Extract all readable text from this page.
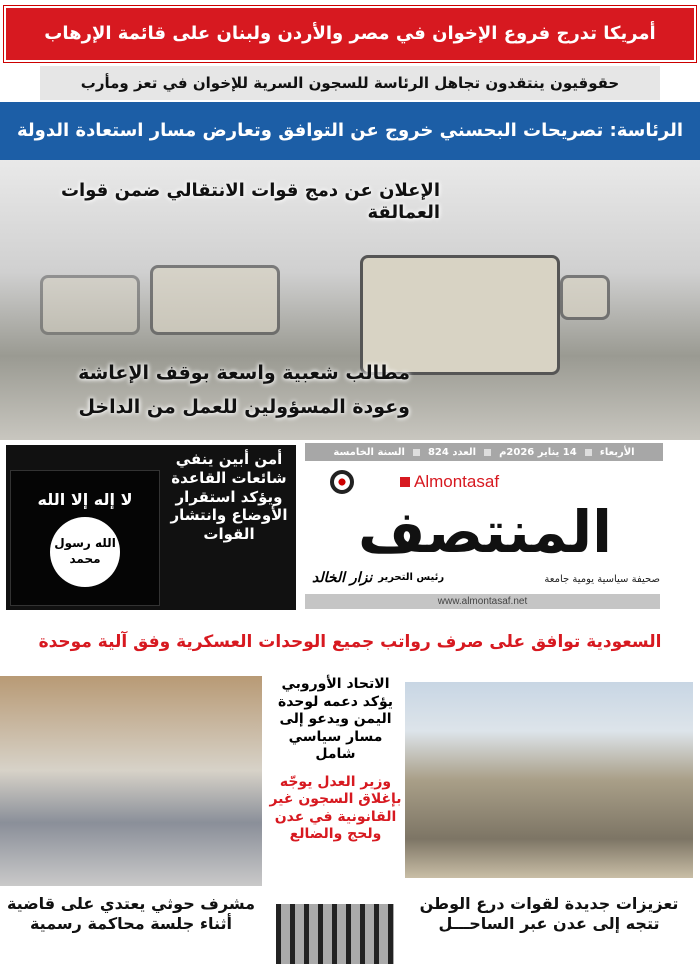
أمريكا تدرج فروع الإخوان في مصر والأردن ولبنان على قائمة الإرهاب
حقوقيون ينتقدون تجاهل الرئاسة للسجون السرية للإخوان في تعز ومأرب
الرئاسة: تصريحات البحسني خروج عن التوافق وتعارض مسار استعادة الدولة
الإعلان عن دمج قوات الانتقالي ضمن قوات العمالقة
مطالب شعبية واسعة بوقف الإعاشة
وعودة المسؤولين للعمل من الداخل
لا إله إلا الله
الله رسول محمد
أمن أبين ينفي
شائعات القاعدة
ويؤكد استقرار
الأوضاع وانتشار
القوات
الأربعاء
14 يناير 2026م
العدد 824
السنة الخامسة
المنتصف
Almontasaf
صحيفة سياسية يومية جامعة
رئيس التحرير
نزار الخالد
www.almontasaf.net
السعودية توافق على صرف رواتب جميع الوحدات العسكرية وفق آلية موحدة
مشرف حوثي يعتدي على قاضية
أثناء جلسة محاكمة رسمية
الاتحاد الأوروبي
يؤكد دعمه لوحدة
اليمن ويدعو إلى
مسار سياسي شامل
وزير العدل يوجّه
بإغلاق السجون غير
القانونية في عدن
ولحج والضالع
تعزيزات جديدة لقوات درع الوطن
تتجه إلى عدن عبر الساحـــل
